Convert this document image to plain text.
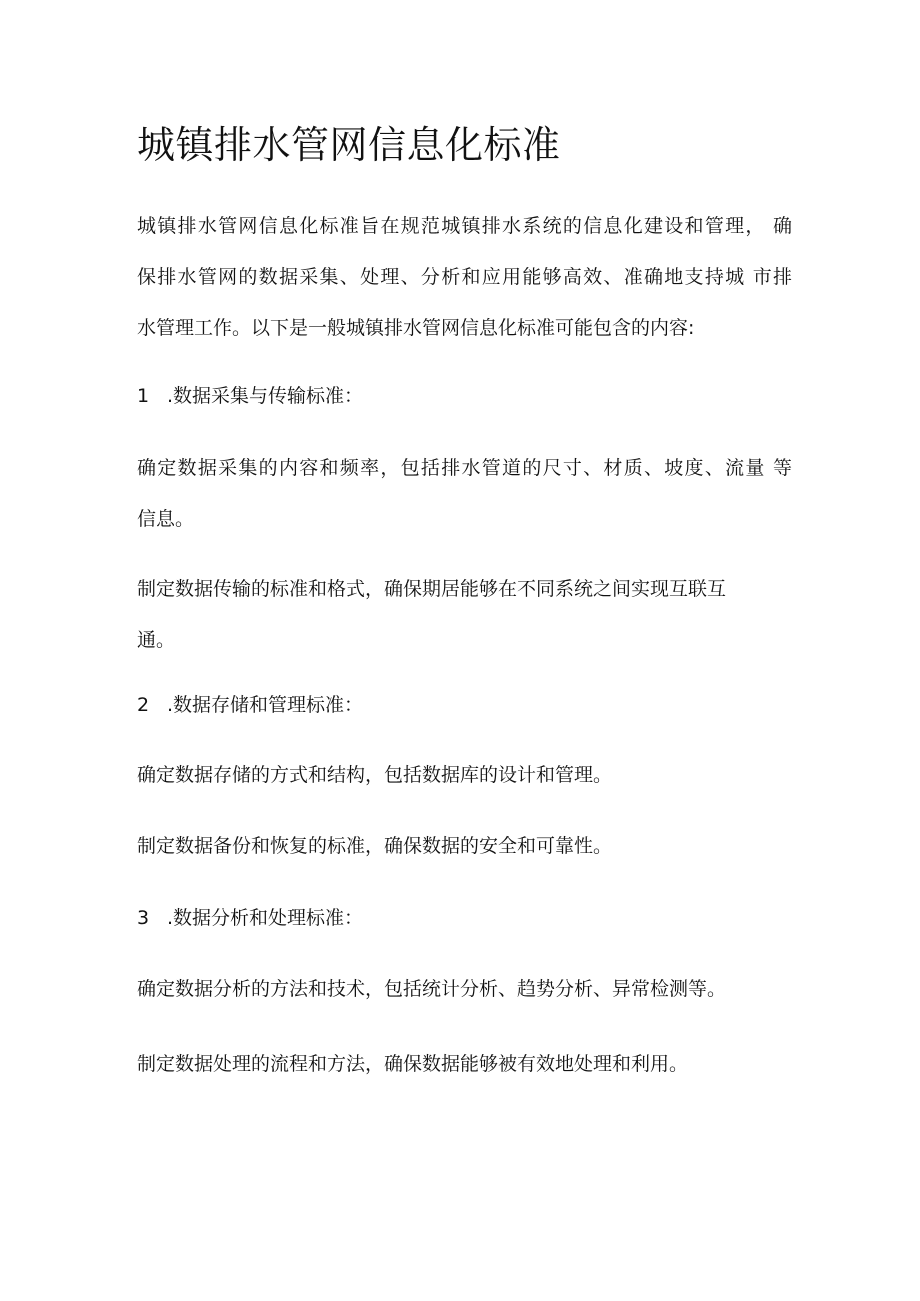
城镇排水管网信息化标准
城镇排水管网信息化标准旨在规范城镇排水系统的信息化建设和管理， 确
保排水管网的数据采集、处理、分析和应用能够高效、准确地支持城 市排
水管理工作。以下是一般城镇排水管网信息化标准可能包含的内容:
1 .数据采集与传输标准：
确定数据采集的内容和频率，包括排水管道的尺寸、材质、坡度、流量 等
信息。
制定数据传输的标准和格式，确保期居能够在不同系统之间实现互联互
通。
2 .数据存储和管理标准：
确定数据存储的方式和结构，包括数据库的设计和管理。
制定数据备份和恢复的标准，确保数据的安全和可靠性。
3 .数据分析和处理标准：
确定数据分析的方法和技术，包括统计分析、趋势分析、异常检测等。
制定数据处理的流程和方法，确保数据能够被有效地处理和利用。
